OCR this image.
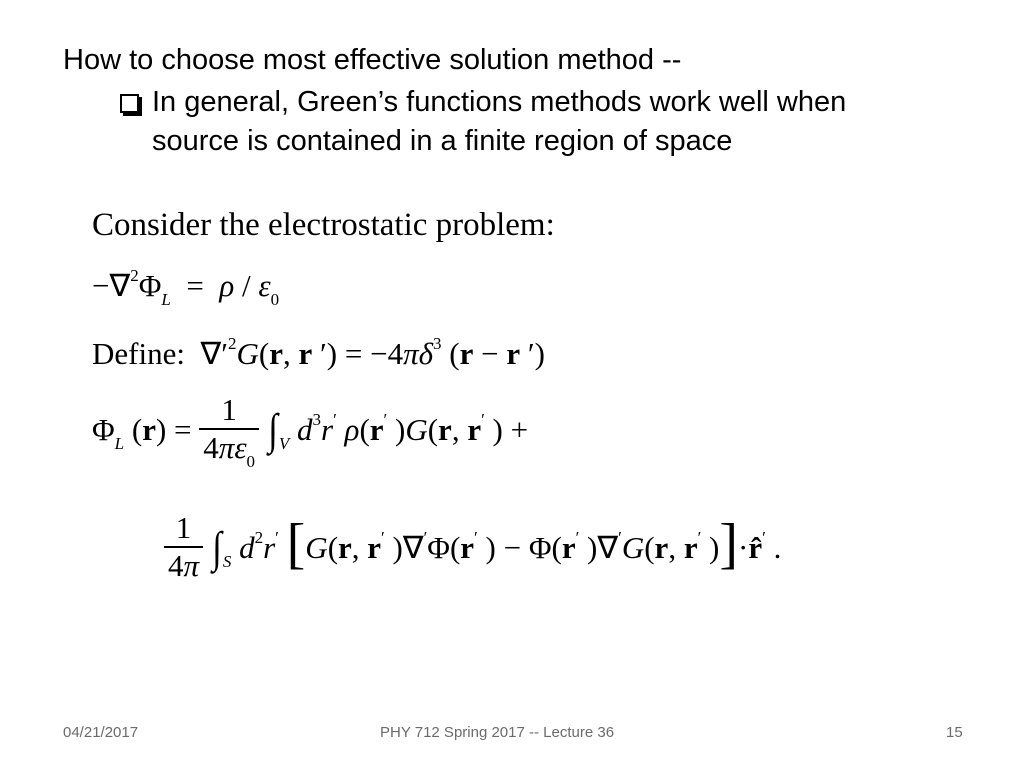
How to choose most effective solution method --
In general, Green’s functions methods work well when
source is contained in a finite region of space
Consider the electrostatic problem:
$-\nabla^2\Phi_L = \rho / \varepsilon_0$
Define:  $\nabla'^2G(r$, r ′) = $-4\pi\delta^3$ (r − r ′)
$\Phi_L$ $(r) = \frac{1}{4\pi\varepsilon_0} \int_V$ $d^3r'$ ρ(r′ )G(r, r′ ) +
$\frac{1}{4\pi} \int_S$ $d^2r'$ [G(r, r′ )∇′Φ(r′ ) − Φ(r′ )∇′G(r, r′ )]·r̂′ .
04/21/2017	PHY 712 Spring 2017 -- Lecture 36	15
